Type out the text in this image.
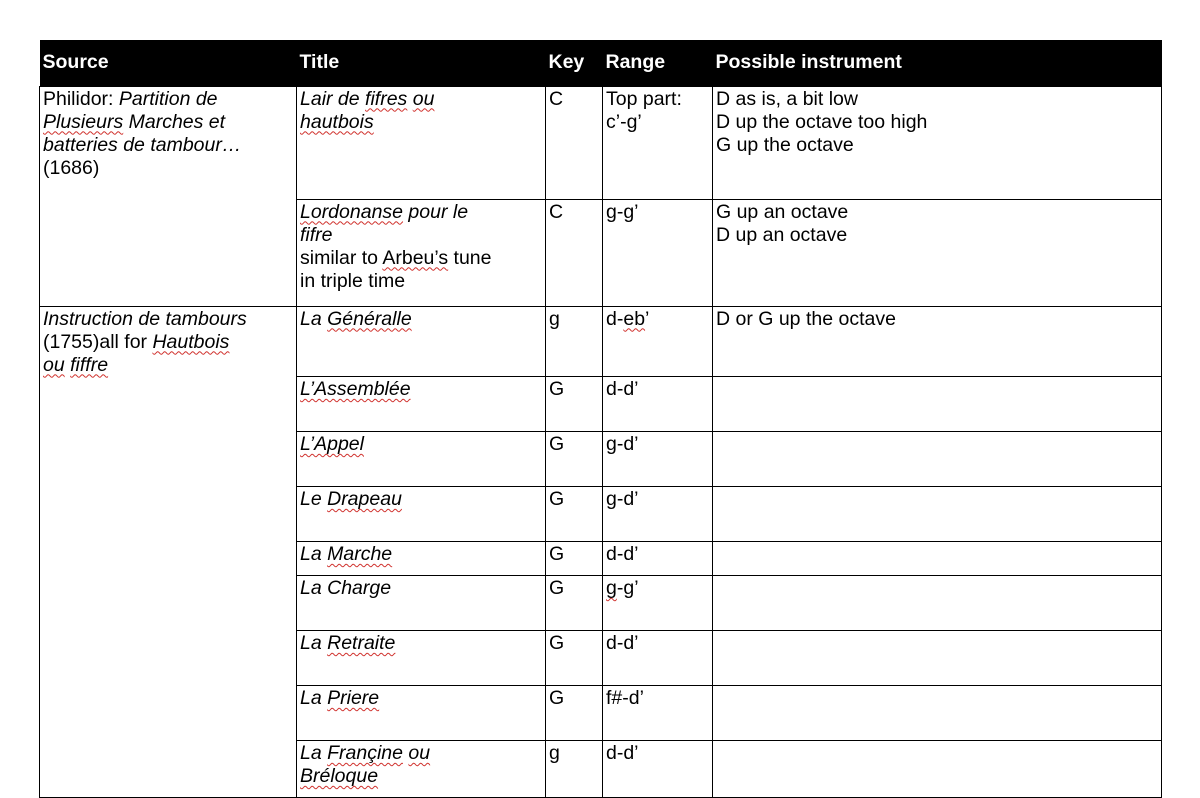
Source	Title	Key	Range	Possible instrument
Philidor: Partition de
Plusieurs Marches et
batteries de tambour…
(1686)	Lair de fifres ou
hautbois	C	Top part:
c’-g’	D as is, a bit low
D up the octave too high
G up the octave

	Lordonanse pour le
fifre
similar to Arbeu’s tune
in triple time	C	g-g’	G up an octave
D up an octave

Instruction de tambours
(1755)all for Hautbois
ou fiffre	La Généralle	g	d-eb’	D or G up the octave
	L’Assemblée	G	d-d’	
	L’Appel	G	g-d’	
	Le Drapeau	G	g-d’	
	La Marche	G	d-d’	
	La Charge	G	g-g’	
	La Retraite	G	d-d’	
	La Priere	G	f#-d’	
	La Françine ou
Bréloque	g	d-d’	
